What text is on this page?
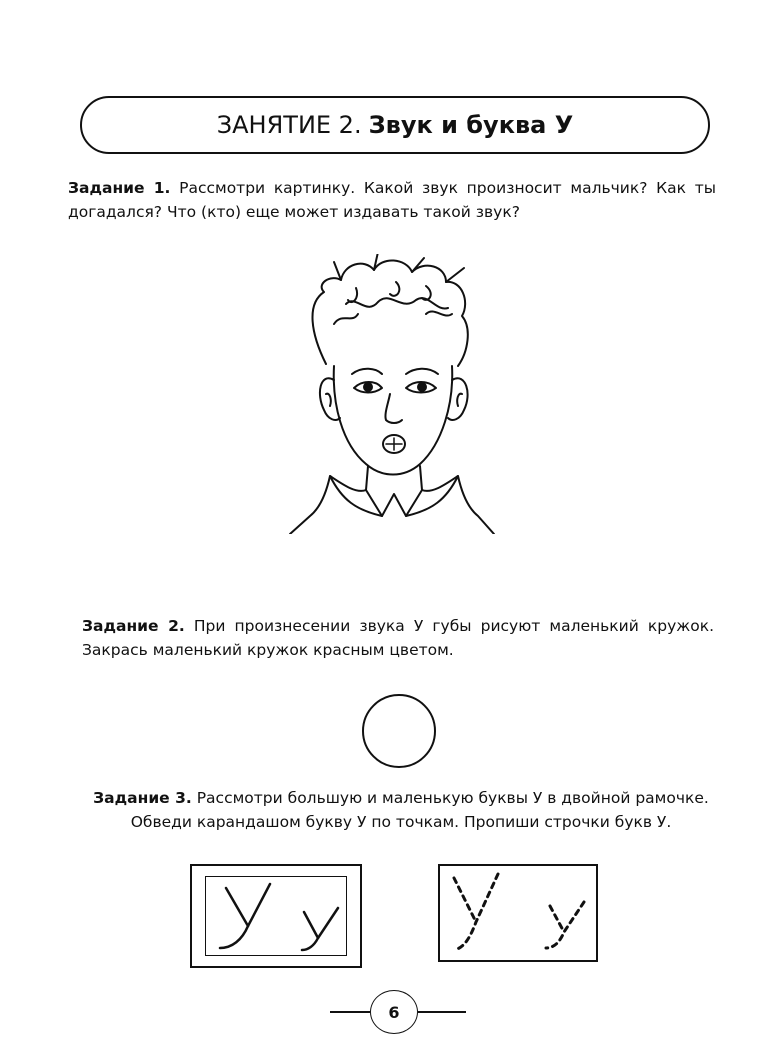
ЗАНЯТИЕ 2. Звук и буква У
Задание 1. Рассмотри картинку. Какой звук произносит мальчик? Как ты догадался? Что (кто) еще может издавать такой звук?
Задание 2. При произнесении звука У губы рисуют маленький кружок. Закрась маленький кружок красным цветом.
Задание 3. Рассмотри большую и маленькую буквы У в двойной рамочке.
Обведи карандашом букву У по точкам. Пропиши строчки букв У.
6
